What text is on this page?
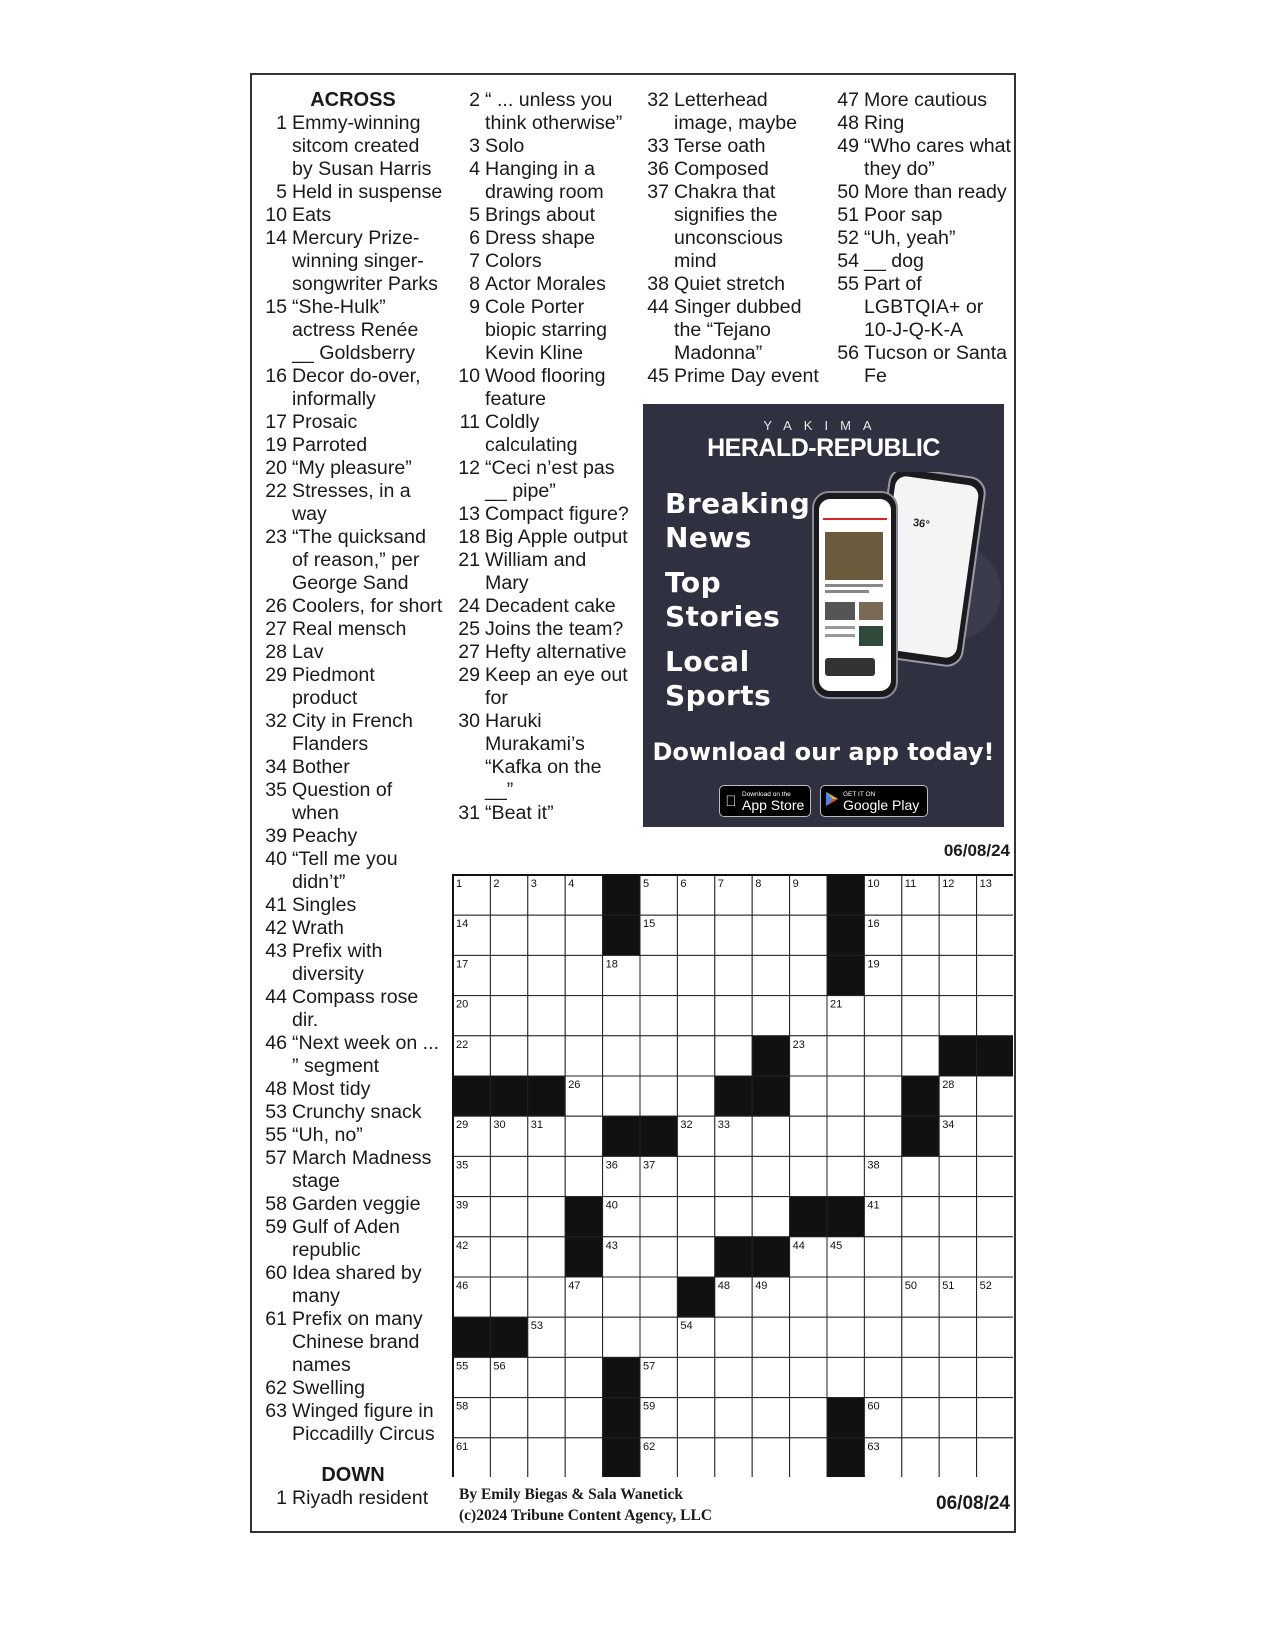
ACROSS
1 Emmy-winning sitcom created by Susan Harris
5 Held in suspense
10 Eats
14 Mercury Prize-winning singer-songwriter Parks
15 “She-Hulk” actress Renée __ Goldsberry
16 Decor do-over, informally
17 Prosaic
19 Parroted
20 “My pleasure”
22 Stresses, in a way
23 “The quicksand of reason,” per George Sand
26 Coolers, for short
27 Real mensch
28 Lav
29 Piedmont product
32 City in French Flanders
34 Bother
35 Question of when
39 Peachy
40 “Tell me you didn’t”
41 Singles
42 Wrath
43 Prefix with diversity
44 Compass rose dir.
46 “Next week on ... ” segment
48 Most tidy
53 Crunchy snack
55 “Uh, no”
57 March Madness stage
58 Garden veggie
59 Gulf of Aden republic
60 Idea shared by many
61 Prefix on many Chinese brand names
62 Swelling
63 Winged figure in Piccadilly Circus
DOWN
1 Riyadh resident
2 “ ... unless you think otherwise”
3 Solo
4 Hanging in a drawing room
5 Brings about
6 Dress shape
7 Colors
8 Actor Morales
9 Cole Porter biopic starring Kevin Kline
10 Wood flooring feature
11 Coldly calculating
12 “Ceci n’est pas __ pipe”
13 Compact figure?
18 Big Apple output
21 William and Mary
24 Decadent cake
25 Joins the team?
27 Hefty alternative
29 Keep an eye out for
30 Haruki Murakami’s “Kafka on the __”
31 “Beat it”
32 Letterhead image, maybe
33 Terse oath
36 Composed
37 Chakra that signifies the unconscious mind
38 Quiet stretch
44 Singer dubbed the “Tejano Madonna”
45 Prime Day event
47 More cautious
48 Ring
49 “Who cares what they do”
50 More than ready
51 Poor sap
52 “Uh, yeah”
54 __ dog
55 Part of LGBTQIA+ or 10-J-Q-K-A
56 Tucson or Santa Fe
YAKIMA
HERALD-REPUBLIC
Breaking
News
Top
Stories
Local
Sports
36°
Download our app today!
Download on the
App Store
GET IT ON
Google Play
06/08/24
1	2	3	4	5	6	7	8	9	10 11 12 13
14	15	16
17	18	19
20	21
22	23	24 25
26	27	28
29 30 31	32 33	34
35	36 37	38
39	40	41
42	43	44 45
46	47	48 49	50 51 52
53	54
55 56	57
58	59	60
61	62	63
By Emily Biegas & Sala Wanetick
(c)2024 Tribune Content Agency, LLC
06/08/24
